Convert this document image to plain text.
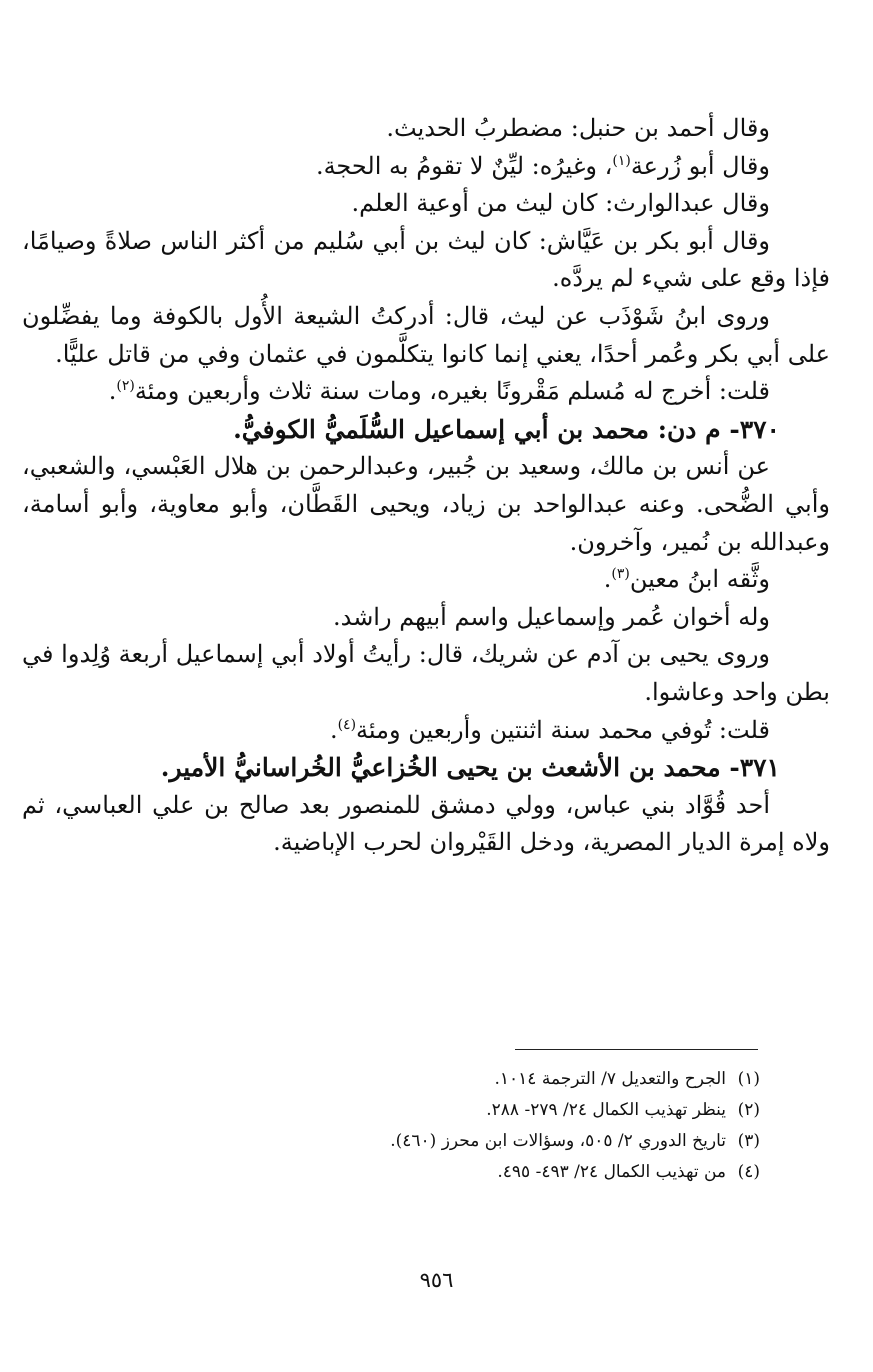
وقال أحمد بن حنبل: مضطربُ الحديث.

وقال أبو زُرعة$^{(١)}$، وغيرُه: ليِّنٌ لا تقومُ به الحجة.

وقال عبدالوارث: كان ليث من أوعية العلم.

وقال أبو بكر بن عَيَّاش: كان ليث بن أبي سُليم من أكثر الناس صلاةً وصيامًا، فإذا وقع على شيء لم يردَّه.

وروى ابنُ شَوْذَب عن ليث، قال: أدركتُ الشيعة الأُول بالكوفة وما يفضِّلون على أبي بكر وعُمر أحدًا، يعني إنما كانوا يتكلَّمون في عثمان وفي من قاتل عليًّا.

قلت: أخرج له مُسلم مَقْرونًا بغيره، ومات سنة ثلاث وأربعين ومئة$^{(٢)}$.

٣٧٠- م دن: محمد بن أبي إسماعيل السُّلَميُّ الكوفيُّ.

عن أنس بن مالك، وسعيد بن جُبير، وعبدالرحمن بن هلال العَبْسي، والشعبي، وأبي الضُّحى. وعنه عبدالواحد بن زياد، ويحيى القَطَّان، وأبو معاوية، وأبو أسامة، وعبدالله بن نُمير، وآخرون.

وثَّقه ابنُ معين$^{(٣)}$.

وله أخوان عُمر وإسماعيل واسم أبيهم راشد.

وروى يحيى بن آدم عن شريك، قال: رأيتُ أولاد أبي إسماعيل أربعة وُلِدوا في بطن واحد وعاشوا.

قلت: تُوفي محمد سنة اثنتين وأربعين ومئة$^{(٤)}$.

٣٧١- محمد بن الأشعث بن يحيى الخُزاعيُّ الخُراسانيُّ الأمير.

أحد قُوَّاد بني عباس، وولي دمشق للمنصور بعد صالح بن علي العباسي، ثم ولاه إمرة الديار المصرية، ودخل القَيْروان لحرب الإباضية.

(١)الجرح والتعديل ٧/ الترجمة ١٠١٤.

(٢)ينظر تهذيب الكمال ٢٤/ ٢٧٩- ٢٨٨.

(٣)تاريخ الدوري ٢/ ٥٠٥، وسؤالات ابن محرز (٤٦٠).

(٤)من تهذيب الكمال ٢٤/ ٤٩٣- ٤٩٥.

٩٥٦
